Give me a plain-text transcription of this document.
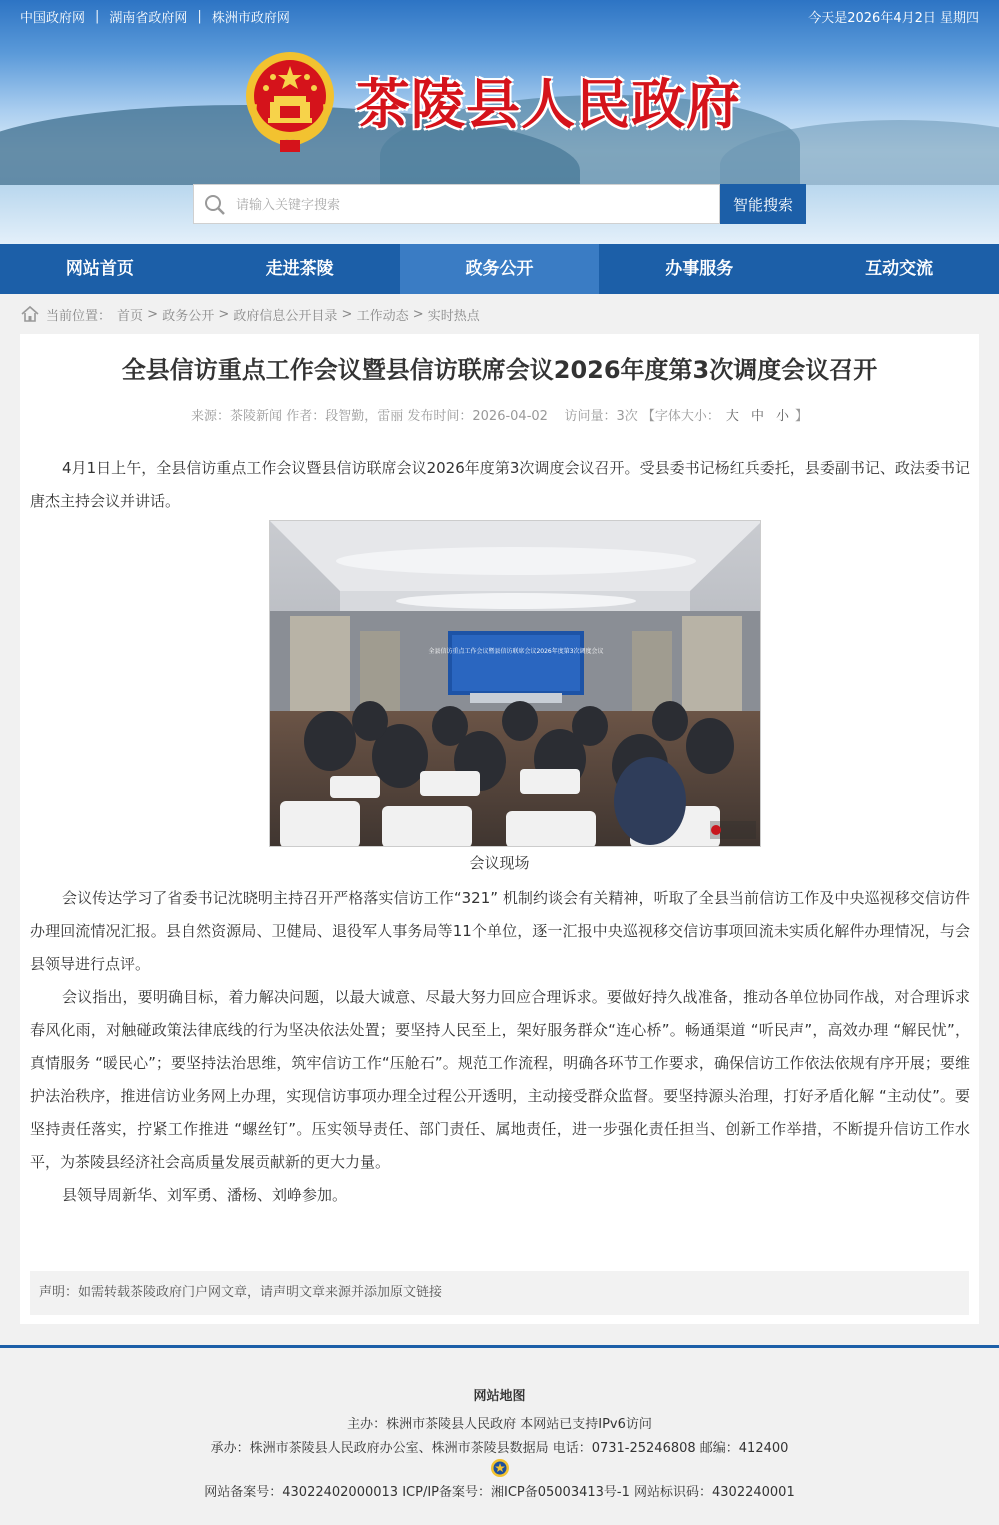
中国政府网 | 湖南省政府网 | 株洲市政府网	今天是2026年4月2日 星期四
茶陵县人民政府
请输入关键字搜索
智能搜索
网站首页	走进茶陵	政务公开	办事服务	互动交流
当前位置： 首页 > 政务公开 > 政府信息公开目录 > 工作动态 > 实时热点
全县信访重点工作会议暨县信访联席会议2026年度第3次调度会议召开
来源：茶陵新闻 作者：段智勤，雷丽 发布时间：2026-04-02 访问量：3次 【字体大小： 大 中 小 】

4月1日上午，全县信访重点工作会议暨县信访联席会议2026年度第3次调度会议召开。受县委书记杨红兵委托，县委副书记、政法委书记唐杰主持会议并讲话。

全县信访重点工作会议暨县信访联席会议2026年度第3次调度会议
会议现场

会议传达学习了省委书记沈晓明主持召开严格落实信访工作“321” 机制约谈会有关精神，听取了全县当前信访工作及中央巡视移交信访件办理回流情况汇报。县自然资源局、卫健局、退役军人事务局等11个单位，逐一汇报中央巡视移交信访事项回流未实质化解件办理情况，与会县领导进行点评。

会议指出，要明确目标，着力解决问题，以最大诚意、尽最大努力回应合理诉求。要做好持久战准备，推动各单位协同作战，对合理诉求春风化雨，对触碰政策法律底线的行为坚决依法处置；要坚持人民至上，架好服务群众“连心桥”。畅通渠道 “听民声”，高效办理 “解民忧”，真情服务 “暖民心”；要坚持法治思维，筑牢信访工作“压舱石”。规范工作流程，明确各环节工作要求，确保信访工作依法依规有序开展；要维护法治秩序，推进信访业务网上办理，实现信访事项办理全过程公开透明，主动接受群众监督。要坚持源头治理，打好矛盾化解 “主动仗”。要坚持责任落实，拧紧工作推进 “螺丝钉”。压实领导责任、部门责任、属地责任，进一步强化责任担当、创新工作举措，不断提升信访工作水平，为茶陵县经济社会高质量发展贡献新的更大力量。

县领导周新华、刘军勇、潘杨、刘峥参加。

声明：如需转载茶陵政府门户网文章，请声明文章来源并添加原文链接
网站地图
主办：株洲市茶陵县人民政府 本网站已支持IPv6访问
承办：株洲市茶陵县人民政府办公室、株洲市茶陵县数据局 电话：0731-25246808 邮编：412400
网站备案号：43022402000013 ICP/IP备案号：湘ICP备05003413号-1 网站标识码：4302240001
